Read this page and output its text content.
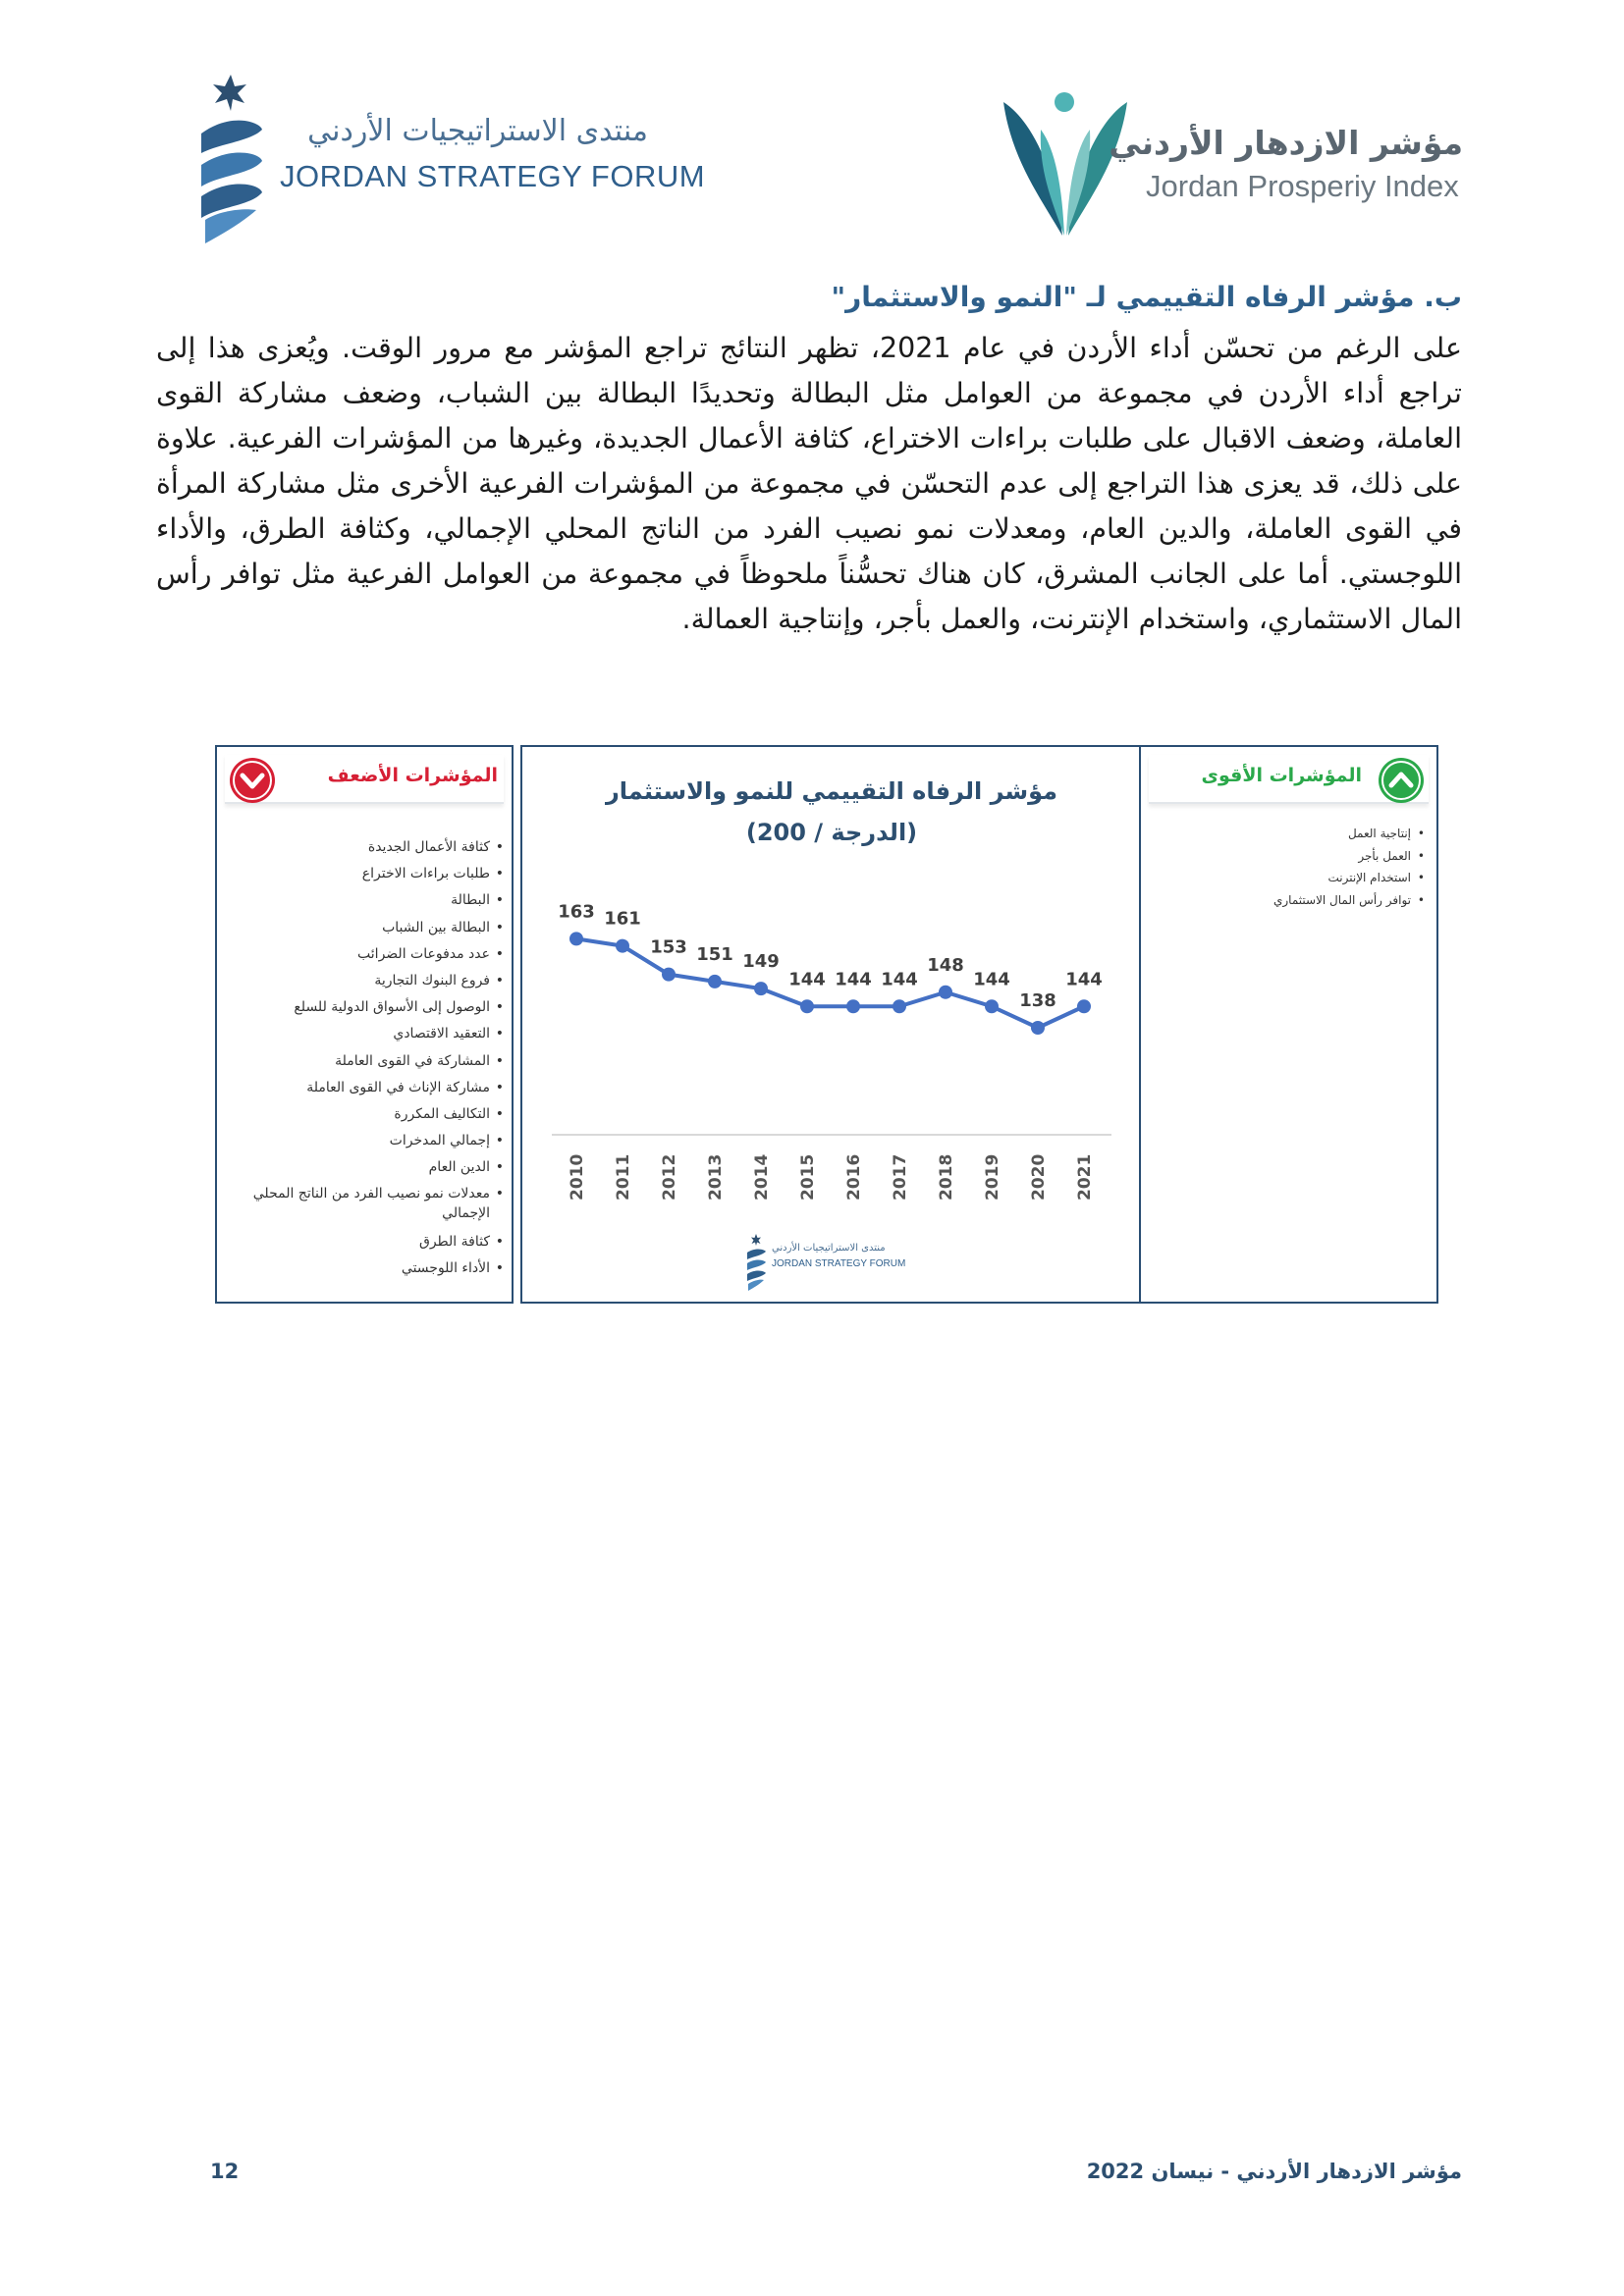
منتدى الاستراتيجيات الأردني
JORDAN STRATEGY FORUM
مؤشر الازدهار الأردني
Jordan Prosperiy Index
ب. مؤشر الرفاه التقييمي لـ "النمو والاستثمار"
على الرغم من تحسّن أداء الأردن في عام 2021، تظهر النتائج تراجع المؤشر مع مرور الوقت. ويُعزى هذا إلى تراجع أداء الأردن في مجموعة من العوامل مثل البطالة وتحديدًا البطالة بين الشباب، وضعف مشاركة القوى العاملة، وضعف الاقبال على طلبات براءات الاختراع، كثافة الأعمال الجديدة، وغيرها من المؤشرات الفرعية. علاوة على ذلك، قد يعزى هذا التراجع إلى عدم التحسّن في مجموعة من المؤشرات الفرعية الأخرى مثل مشاركة المرأة في القوى العاملة، والدين العام، ومعدلات نمو نصيب الفرد من الناتج المحلي الإجمالي، وكثافة الطرق، والأداء اللوجستي. أما على الجانب المشرق، كان هناك تحسُّناً ملحوظاً في مجموعة من العوامل الفرعية مثل توافر رأس المال الاستثماري، واستخدام الإنترنت، والعمل بأجر، وإنتاجية العمالة.
المؤشرات الأضعف
• كثافة الأعمال الجديدة
• طلبات براءات الاختراع
• البطالة
• البطالة بين الشباب
• عدد مدفوعات الضرائب
• فروع البنوك التجارية
• الوصول إلى الأسواق الدولية للسلع
• التعقيد الاقتصادي
• المشاركة في القوى العاملة
• مشاركة الإناث في القوى العاملة
• التكاليف المكررة
• إجمالي المدخرات
• الدين العام
• معدلات نمو نصيب الفرد من الناتج المحلي الإجمالي
• كثافة الطرق
• الأداء اللوجستي
مؤشر الرفاه التقييمي للنمو والاستثمار
(الدرجة / 200)
163
2010
161
2011
153
2012
151
2013
149
2014
144
2015
144
2016
144
2017
148
2018
144
2019
138
2020
144
2021
منتدى الاستراتيجيات الأردني
JORDAN STRATEGY FORUM
المؤشرات الأقوى
• إنتاجية العمل
• العمل بأجر
• استخدام الإنترنت
• توافر رأس المال الاستثماري
مؤشر الازدهار الأردني - نيسان 2022
12
